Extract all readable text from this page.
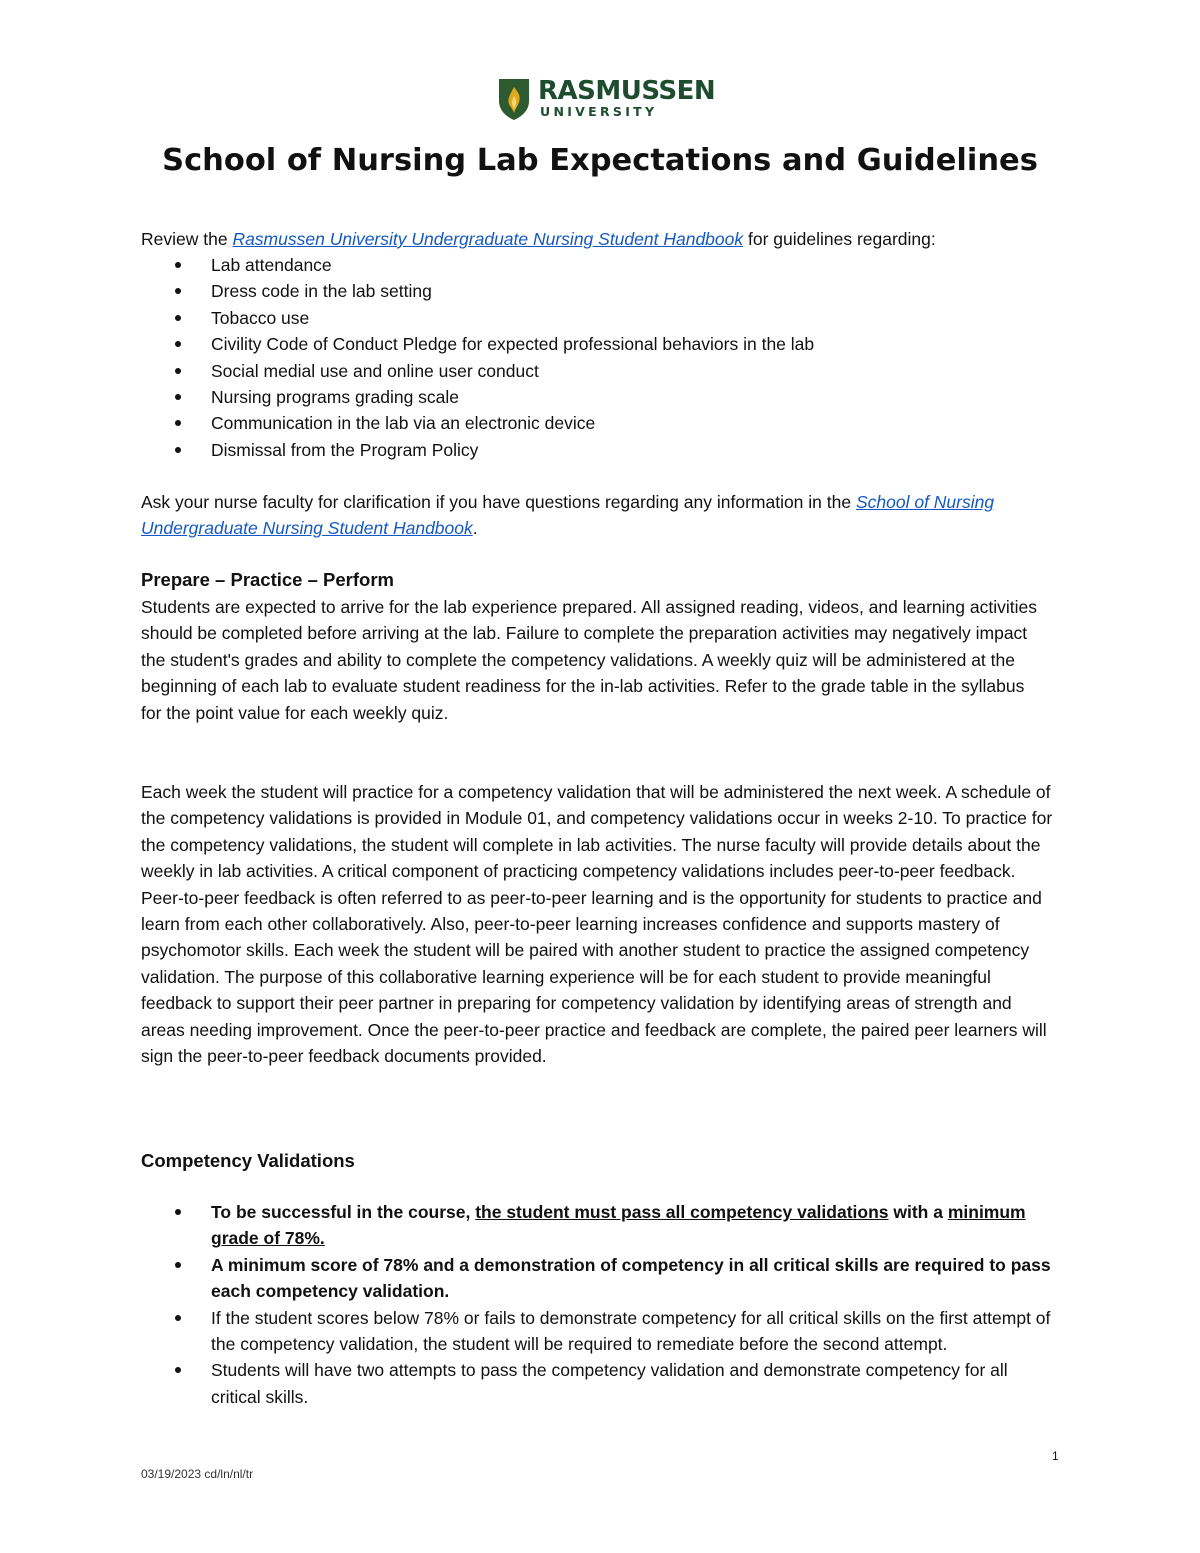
RASMUSSEN
UNIVERSITY
School of Nursing Lab Expectations and Guidelines

Review the Rasmussen University Undergraduate Nursing Student Handbook for guidelines regarding:

Lab attendance
Dress code in the lab setting
Tobacco use
Civility Code of Conduct Pledge for expected professional behaviors in the lab
Social medial use and online user conduct
Nursing programs grading scale
Communication in the lab via an electronic device
Dismissal from the Program Policy

Ask your nurse faculty for clarification if you have questions regarding any information in the School of Nursing Undergraduate Nursing Student Handbook.

Prepare – Practice – Perform

Students are expected to arrive for the lab experience prepared. All assigned reading, videos, and learning activities should be completed before arriving at the lab. Failure to complete the preparation activities may negatively impact the student's grades and ability to complete the competency validations. A weekly quiz will be administered at the beginning of each lab to evaluate student readiness for the in-lab activities. Refer to the grade table in the syllabus for the point value for each weekly quiz.

Each week the student will practice for a competency validation that will be administered the next week. A schedule of the competency validations is provided in Module 01, and competency validations occur in weeks 2-10. To practice for the competency validations, the student will complete in lab activities. The nurse faculty will provide details about the weekly in lab activities. A critical component of practicing competency validations includes peer-to-peer feedback. Peer-to-peer feedback is often referred to as peer-to-peer learning and is the opportunity for students to practice and learn from each other collaboratively. Also, peer-to-peer learning increases confidence and supports mastery of psychomotor skills. Each week the student will be paired with another student to practice the assigned competency validation. The purpose of this collaborative learning experience will be for each student to provide meaningful feedback to support their peer partner in preparing for competency validation by identifying areas of strength and areas needing improvement. Once the peer-to-peer practice and feedback are complete, the paired peer learners will sign the peer-to-peer feedback documents provided.

Competency Validations
To be successful in the course, the student must pass all competency validations with a minimum grade of 78%.
A minimum score of 78% and a demonstration of competency in all critical skills are required to pass each competency validation.
If the student scores below 78% or fails to demonstrate competency for all critical skills on the first attempt of the competency validation, the student will be required to remediate before the second attempt.
Students will have two attempts to pass the competency validation and demonstrate competency for all critical skills.
1
03/19/2023 cd/ln/nl/tr
